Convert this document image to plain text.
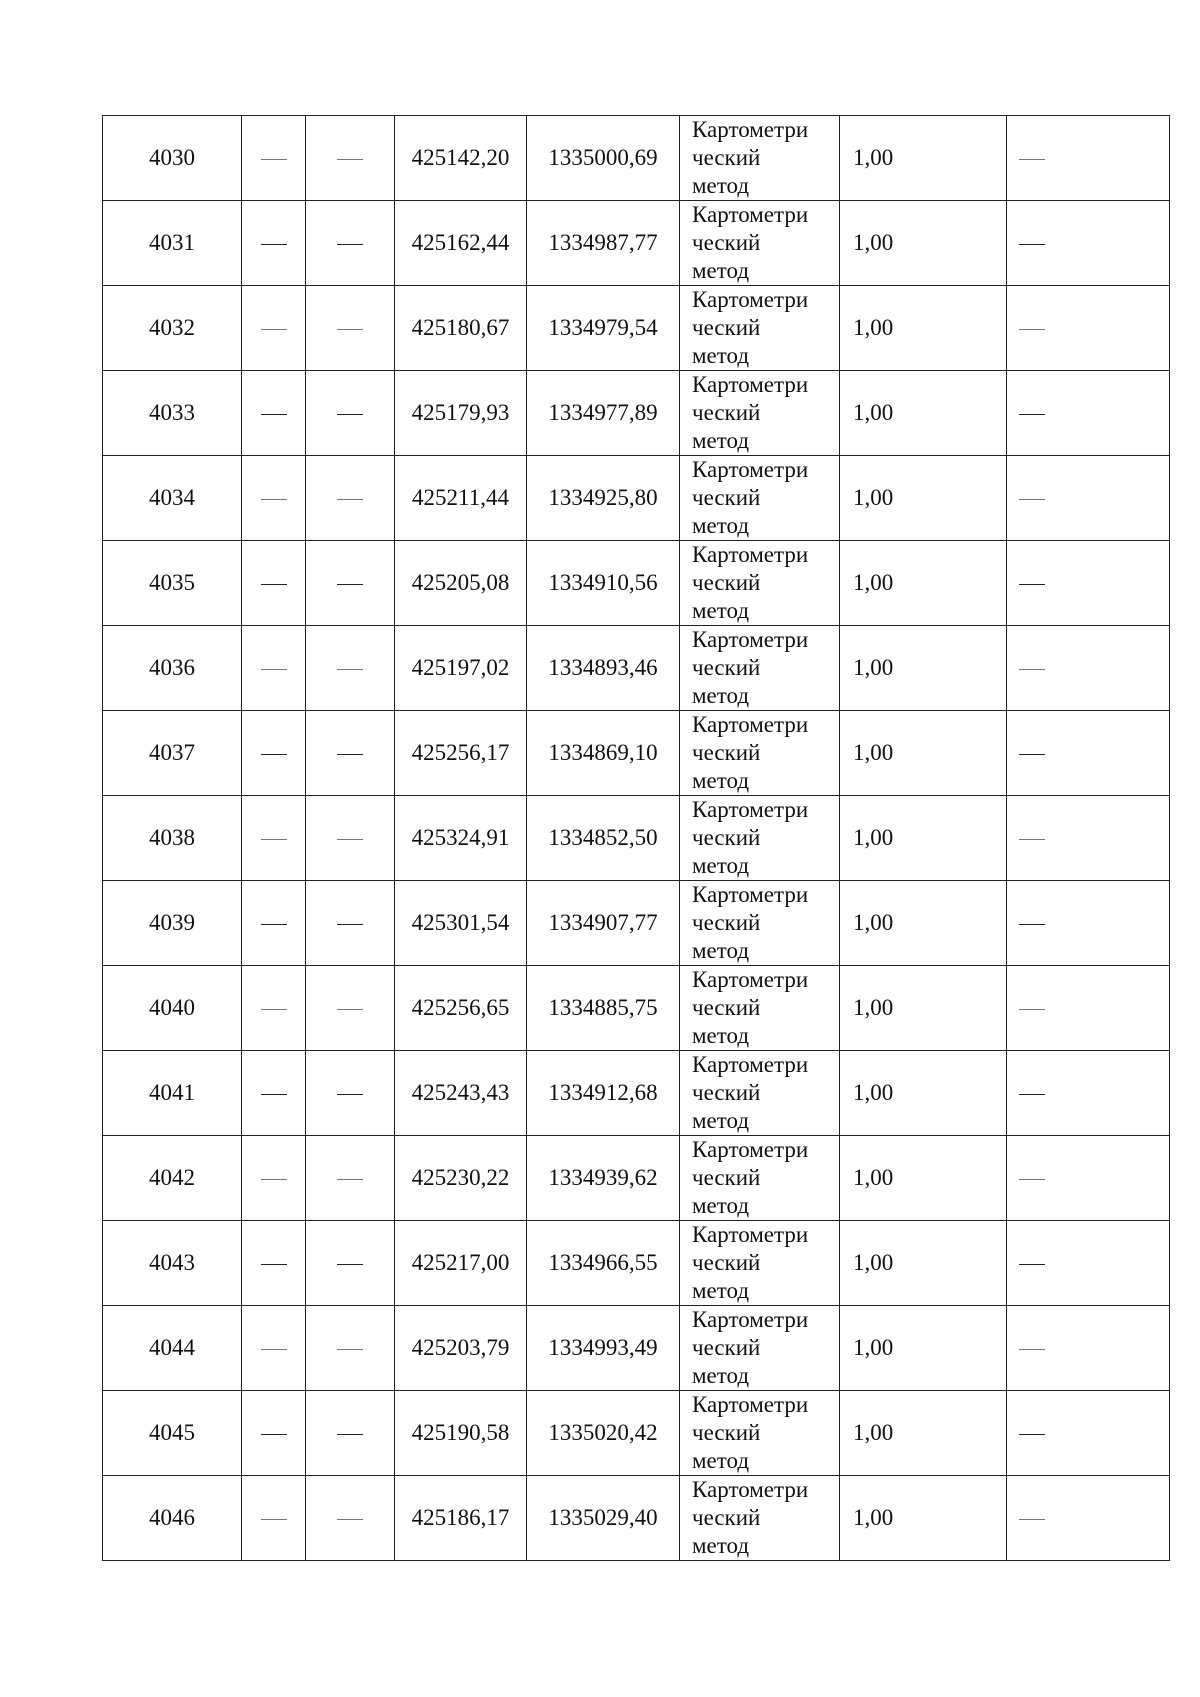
4030			425142,20	1335000,69	Картометри
ческий
метод	1,00	
4031			425162,44	1334987,77	Картометри
ческий
метод	1,00	
4032			425180,67	1334979,54	Картометри
ческий
метод	1,00	
4033			425179,93	1334977,89	Картометри
ческий
метод	1,00	
4034			425211,44	1334925,80	Картометри
ческий
метод	1,00	
4035			425205,08	1334910,56	Картометри
ческий
метод	1,00	
4036			425197,02	1334893,46	Картометри
ческий
метод	1,00	
4037			425256,17	1334869,10	Картометри
ческий
метод	1,00	
4038			425324,91	1334852,50	Картометри
ческий
метод	1,00	
4039			425301,54	1334907,77	Картометри
ческий
метод	1,00	
4040			425256,65	1334885,75	Картометри
ческий
метод	1,00	
4041			425243,43	1334912,68	Картометри
ческий
метод	1,00	
4042			425230,22	1334939,62	Картометри
ческий
метод	1,00	
4043			425217,00	1334966,55	Картометри
ческий
метод	1,00	
4044			425203,79	1334993,49	Картометри
ческий
метод	1,00	
4045			425190,58	1335020,42	Картометри
ческий
метод	1,00	
4046			425186,17	1335029,40	Картометри
ческий
метод	1,00	
